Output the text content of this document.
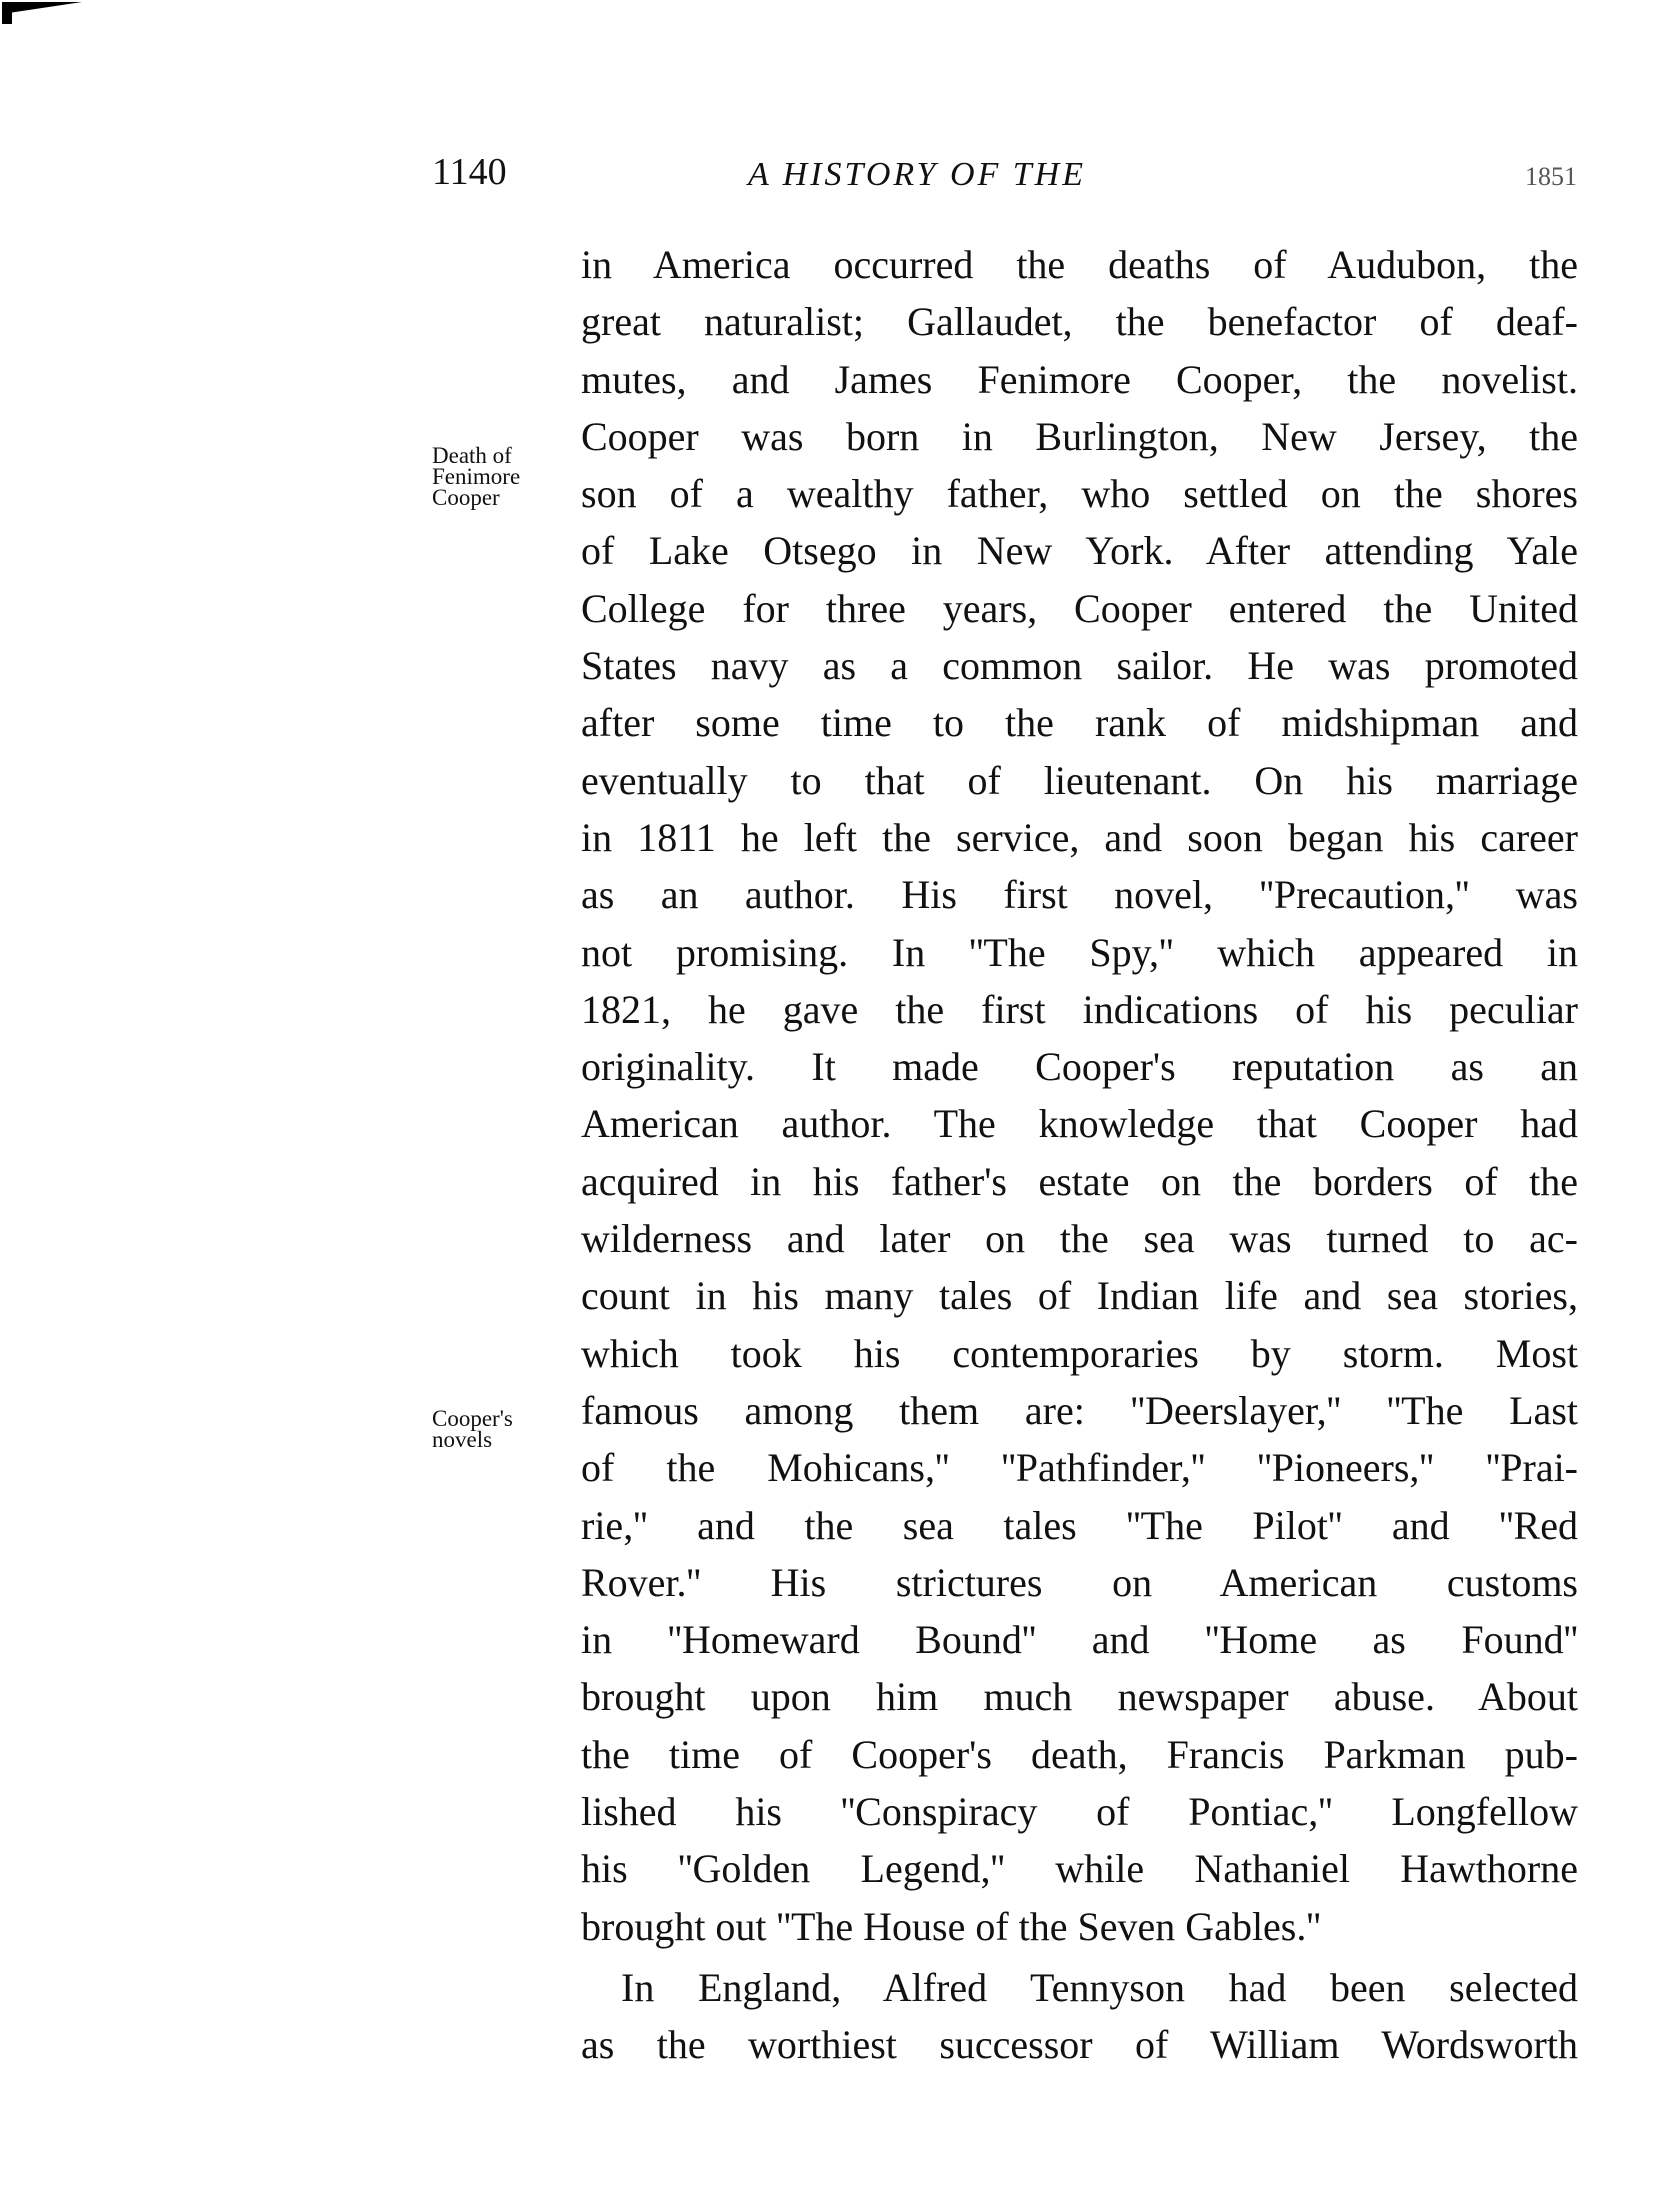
1140	A HISTORY OF THE	1851
Death of
Fenimore
Cooper
Cooper's
novels
in America occurred the deaths of Audubon, the
great naturalist; Gallaudet, the benefactor of deaf-
mutes, and James Fenimore Cooper, the novelist.
Cooper was born in Burlington, New Jersey, the
son of a wealthy father, who settled on the shores
of Lake Otsego in New York. After attending Yale
College for three years, Cooper entered the United
States navy as a common sailor. He was promoted
after some time to the rank of midshipman and
eventually to that of lieutenant. On his marriage
in 1811 he left the service, and soon began his career
as an author. His first novel, ''Precaution,'' was
not promising. In ''The Spy,'' which appeared in
1821, he gave the first indications of his peculiar
originality. It made Cooper's reputation as an
American author. The knowledge that Cooper had
acquired in his father's estate on the borders of the
wilderness and later on the sea was turned to ac-
count in his many tales of Indian life and sea stories,
which took his contemporaries by storm. Most
famous among them are: ''Deerslayer,'' ''The Last
of the Mohicans,'' ''Pathfinder,'' ''Pioneers,'' ''Prai-
rie,'' and the sea tales ''The Pilot'' and ''Red
Rover.'' His strictures on American customs
in ''Homeward Bound'' and ''Home as Found''
brought upon him much newspaper abuse. About
the time of Cooper's death, Francis Parkman pub-
lished his ''Conspiracy of Pontiac,'' Longfellow
his ''Golden Legend,'' while Nathaniel Hawthorne
brought out ''The House of the Seven Gables.''
In England, Alfred Tennyson had been selected
as the worthiest successor of William Wordsworth
